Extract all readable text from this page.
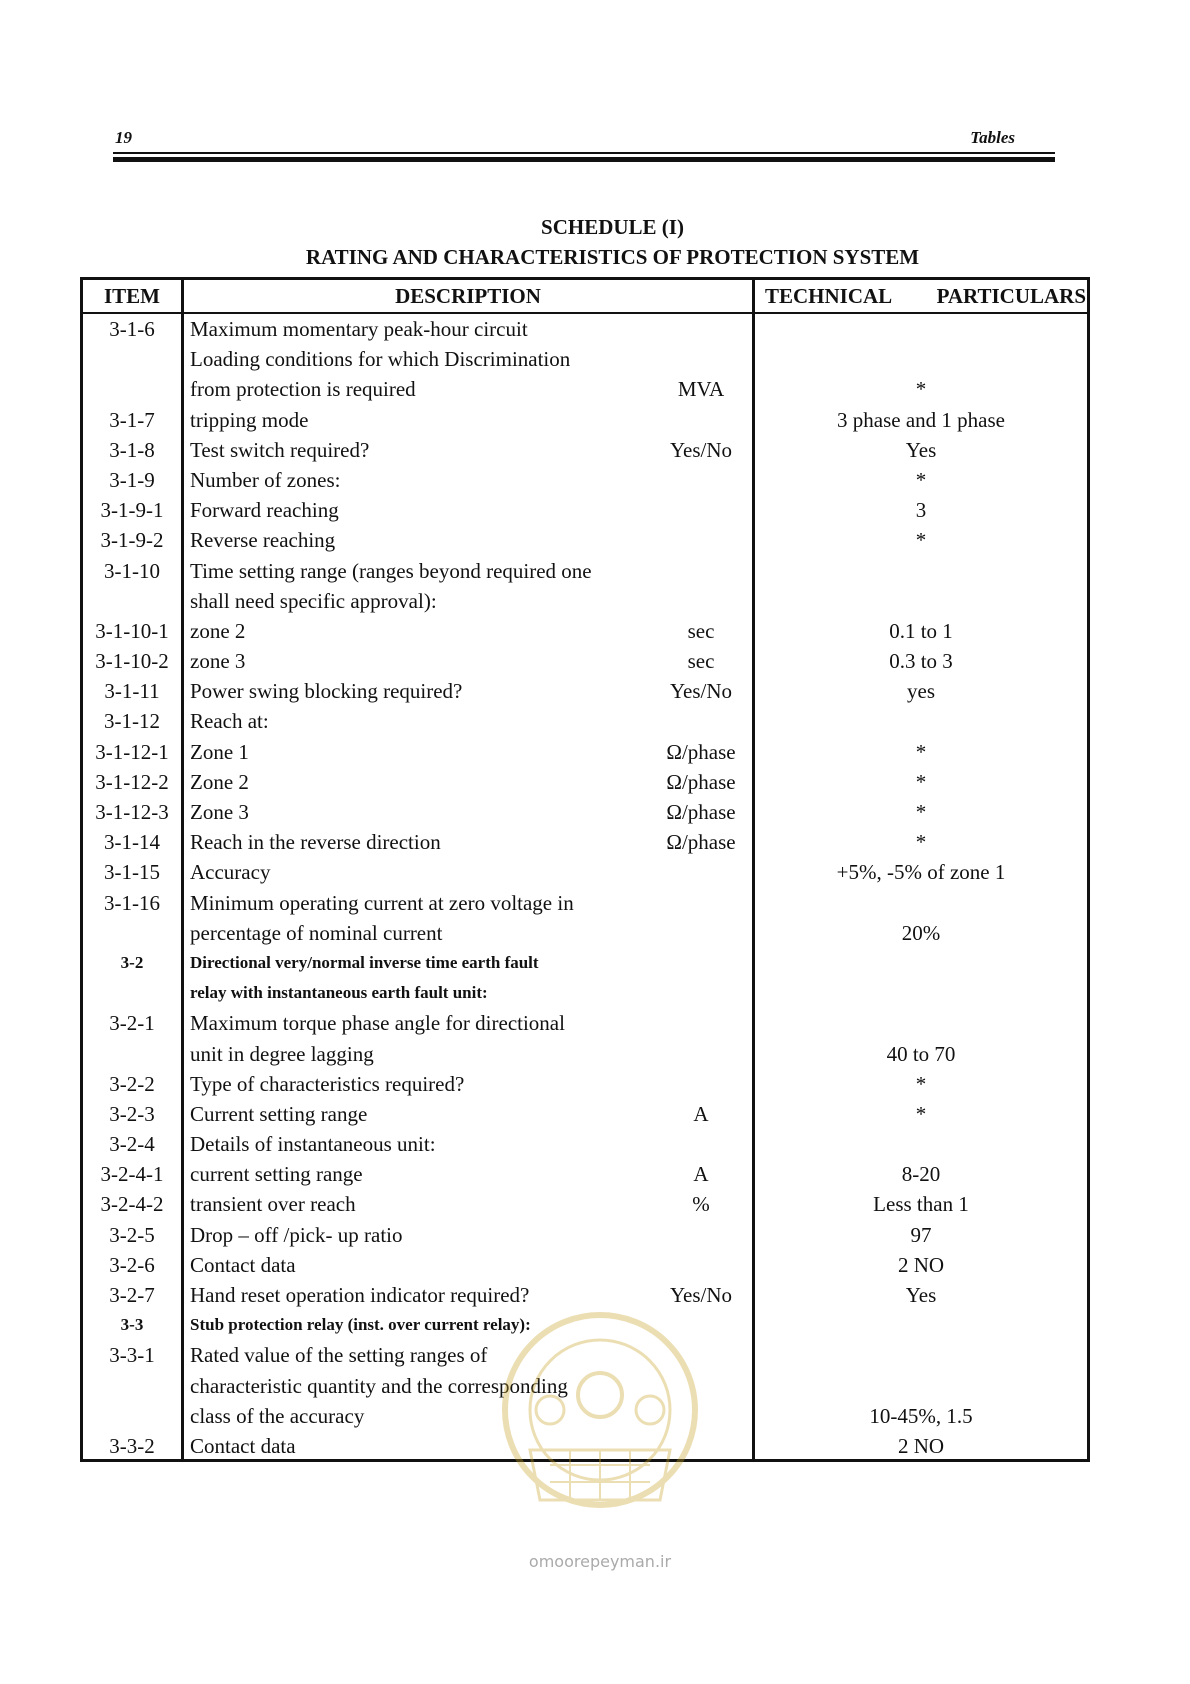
19	Tables
SCHEDULE (I)
RATING AND CHARACTERISTICS OF PROTECTION SYSTEM
ITEM	DESCRIPTION	TECHNICAL PARTICULARS
3-1-6	Maximum momentary peak-hour circuit
Loading conditions for which Discrimination
from protection is required	MVA	*
3-1-7	tripping mode	3 phase and 1 phase
3-1-8	Test switch required?	Yes/No	Yes
3-1-9	Number of zones:	*
3-1-9-1	Forward reaching	3
3-1-9-2	Reverse reaching	*
3-1-10	Time setting range (ranges beyond required one
shall need specific approval):
3-1-10-1	zone 2	sec	0.1 to 1
3-1-10-2	zone 3	sec	0.3 to 3
3-1-11	Power swing blocking required?	Yes/No	yes
3-1-12	Reach at:
3-1-12-1	Zone 1	Ω/phase	*
3-1-12-2	Zone 2	Ω/phase	*
3-1-12-3	Zone 3	Ω/phase	*
3-1-14	Reach in the reverse direction	Ω/phase	*
3-1-15	Accuracy	+5%, -5% of zone 1
3-1-16	Minimum operating current at zero voltage in
percentage of nominal current	20%
3-2	Directional very/normal inverse time earth fault
relay with instantaneous earth fault unit:
3-2-1	Maximum torque phase angle for directional
unit in degree lagging	40 to 70
3-2-2	Type of characteristics required?	*
3-2-3	Current setting range	A	*
3-2-4	Details of instantaneous unit:
3-2-4-1	current setting range	A	8-20
3-2-4-2	transient over reach	%	Less than 1
3-2-5	Drop – off /pick- up ratio	97
3-2-6	Contact data	2 NO
3-2-7	Hand reset operation indicator required?	Yes/No	Yes
3-3	Stub protection relay (inst. over current relay):
3-3-1	Rated value of the setting ranges of
characteristic quantity and the corresponding
class of the accuracy	10-45%, 1.5
3-3-2	Contact data	2 NO
omoorepeyman.ir
